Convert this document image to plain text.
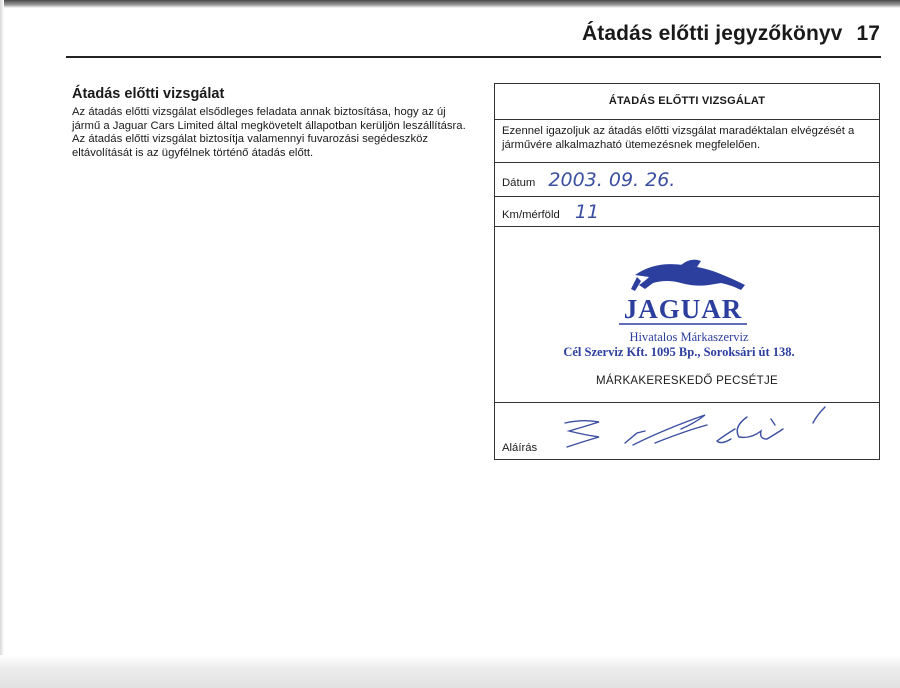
Átadás előtti jegyzőkönyv 17
Átadás előtti vizsgálat

Az átadás előtti vizsgálat elsődleges feladata annak biztosítása, hogy az új jármű a Jaguar Cars Limited által megkövetelt állapotban kerüljön leszállításra.

Az átadás előtti vizsgálat biztosítja valamennyi fuvarozási segédeszköz eltávolítását is az ügyfélnek történő átadás előtt.

ÁTADÁS ELŐTTI VIZSGÁLAT
Ezennel igazoljuk az átadás előtti vizsgálat maradéktalan elvégzését a járművére alkalmazható ütemezésnek megfelelően.
Dátum 2003. 09. 26.
Km/mérföld 11
JAGUAR
Hivatalos Márkaszerviz
Cél Szerviz Kft. 1095 Bp., Soroksári út 138.
MÁRKAKERESKEDŐ PECSÉTJE
Aláírás
